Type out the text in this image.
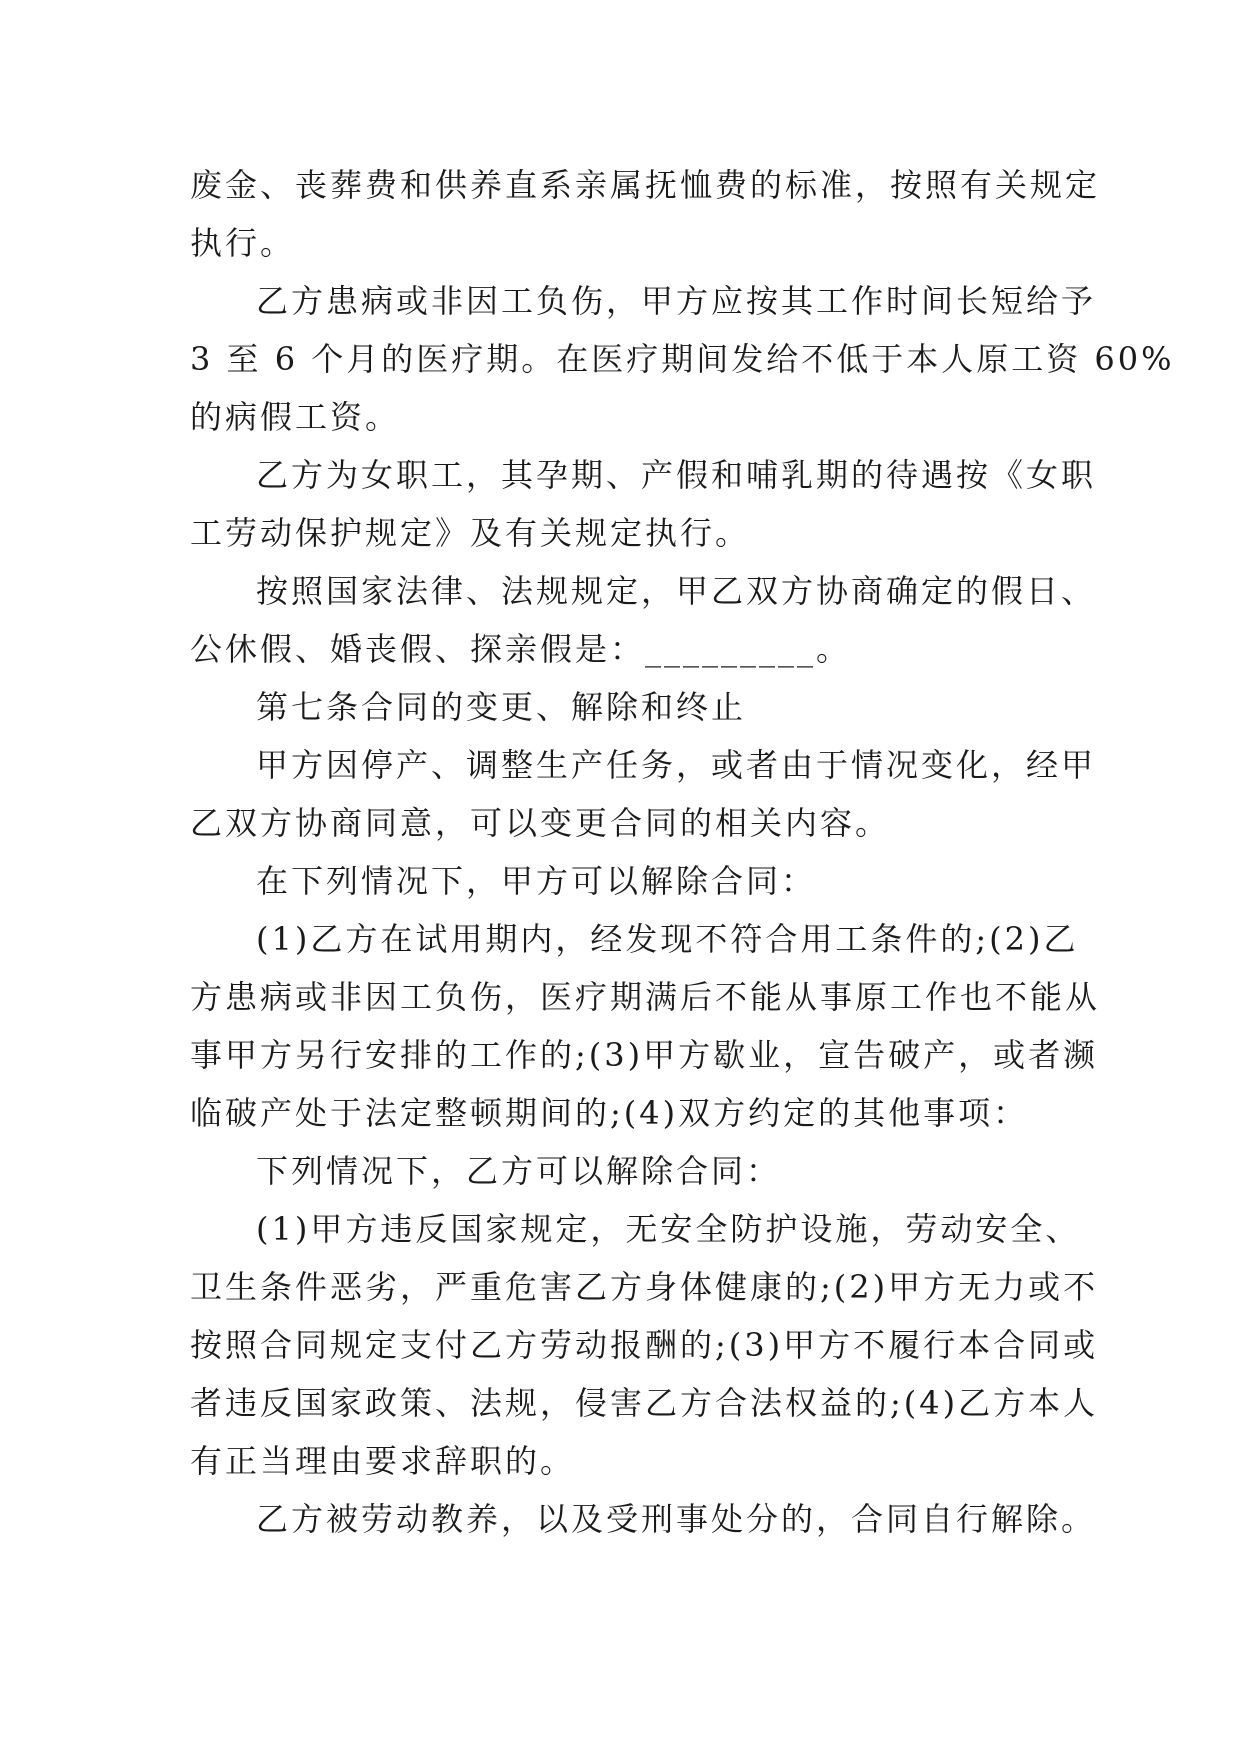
废金、丧葬费和供养直系亲属抚恤费的标准，按照有关规定
执行。
乙方患病或非因工负伤，甲方应按其工作时间长短给予
3 至 6 个月的医疗期。在医疗期间发给不低于本人原工资 60%
的病假工资。
乙方为女职工，其孕期、产假和哺乳期的待遇按《女职
工劳动保护规定》及有关规定执行。
按照国家法律、法规规定，甲乙双方协商确定的假日、
公休假、婚丧假、探亲假是：_________。
第七条合同的变更、解除和终止
甲方因停产、调整生产任务，或者由于情况变化，经甲
乙双方协商同意，可以变更合同的相关内容。
在下列情况下，甲方可以解除合同：
(1)乙方在试用期内，经发现不符合用工条件的;(2)乙
方患病或非因工负伤，医疗期满后不能从事原工作也不能从
事甲方另行安排的工作的;(3)甲方歇业，宣告破产，或者濒
临破产处于法定整顿期间的;(4)双方约定的其他事项：
下列情况下，乙方可以解除合同：
(1)甲方违反国家规定，无安全防护设施，劳动安全、
卫生条件恶劣，严重危害乙方身体健康的;(2)甲方无力或不
按照合同规定支付乙方劳动报酬的;(3)甲方不履行本合同或
者违反国家政策、法规，侵害乙方合法权益的;(4)乙方本人
有正当理由要求辞职的。
乙方被劳动教养，以及受刑事处分的，合同自行解除。
